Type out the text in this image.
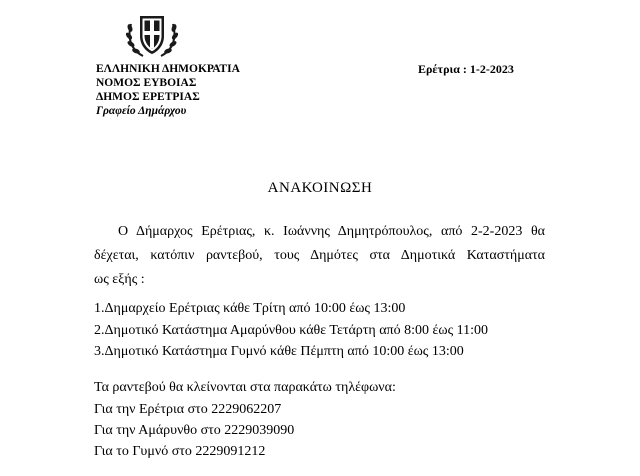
ΕΛΛΗΝΙΚΗ ΔΗΜΟΚΡΑΤΙΑ
ΝΟΜΟΣ ΕΥΒΟΙΑΣ
ΔΗΜΟΣ ΕΡΕΤΡΙΑΣ
Γραφείο Δημάρχου
Ερέτρια : 1-2-2023
ΑΝΑΚΟΙΝΩΣΗ
Ο Δήμαρχος Ερέτριας, κ. Ιωάννης Δημητρόπουλος, από 2-2-2023 θα
δέχεται, κατόπιν ραντεβού, τους Δημότες στα Δημοτικά Καταστήματα
ως εξής :
1.Δημαρχείο Ερέτριας κάθε Τρίτη από 10:00 έως 13:00
2.Δημοτικό Κατάστημα Αμαρύνθου κάθε Τετάρτη από 8:00 έως 11:00
3.Δημοτικό Κατάστημα Γυμνό κάθε Πέμπτη από 10:00 έως 13:00
Τα ραντεβού θα κλείνονται στα παρακάτω τηλέφωνα:
Για την Ερέτρια στο 2229062207
Για την Αμάρυνθο στο 2229039090
Για το Γυμνό στο 2229091212
